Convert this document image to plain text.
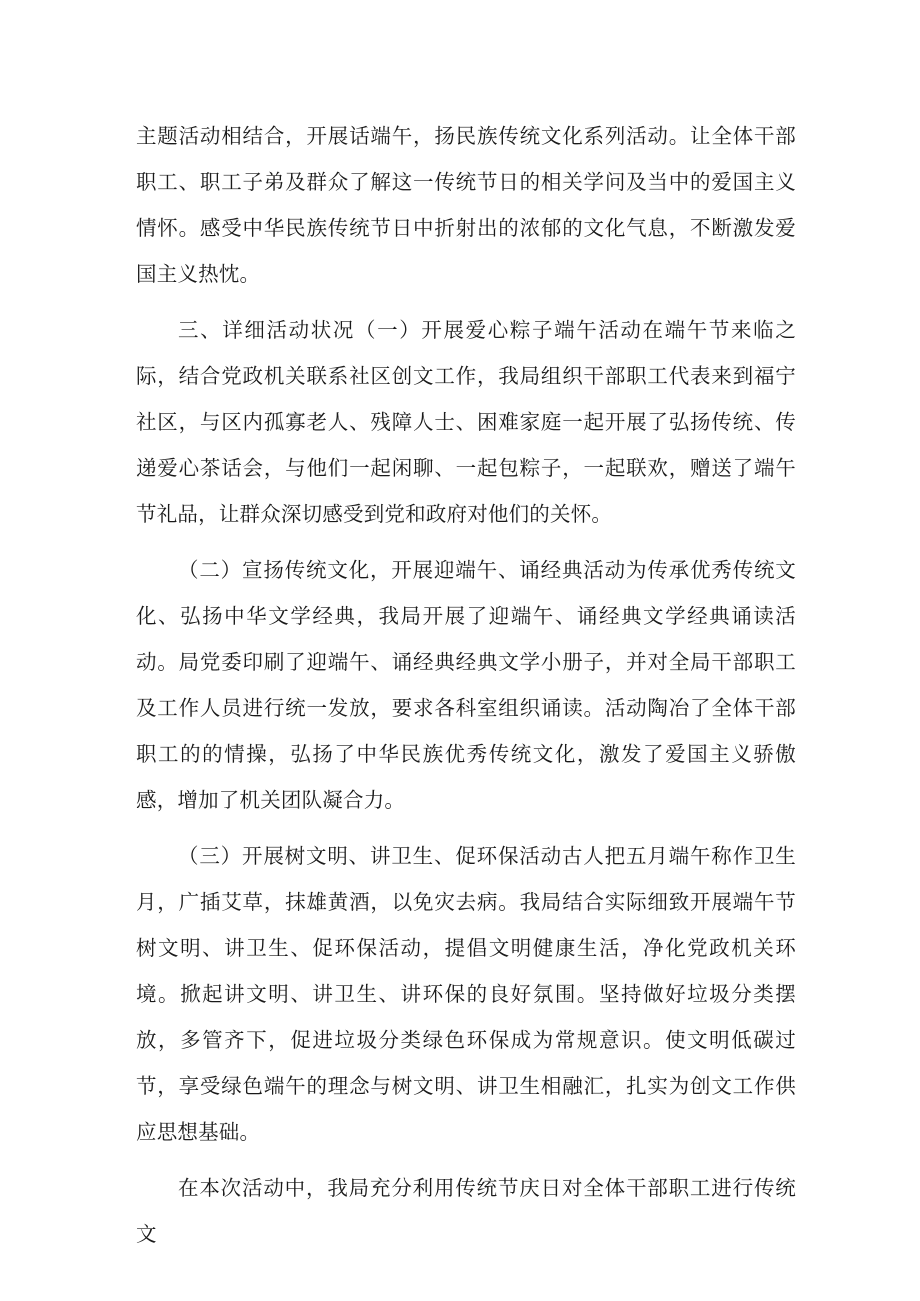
主题活动相结合，开展话端午，扬民族传统文化系列活动。让全体干部职工、职工子弟及群众了解这一传统节日的相关学问及当中的爱国主义情怀。感受中华民族传统节日中折射出的浓郁的文化气息，不断激发爱国主义热忱。

三、详细活动状况（一）开展爱心粽子端午活动在端午节来临之际，结合党政机关联系社区创文工作，我局组织干部职工代表来到福宁社区，与区内孤寡老人、残障人士、困难家庭一起开展了弘扬传统、传递爱心茶话会，与他们一起闲聊、一起包粽子，一起联欢，赠送了端午节礼品，让群众深切感受到党和政府对他们的关怀。

（二）宣扬传统文化，开展迎端午、诵经典活动为传承优秀传统文化、弘扬中华文学经典，我局开展了迎端午、诵经典文学经典诵读活动。局党委印刷了迎端午、诵经典经典文学小册子，并对全局干部职工及工作人员进行统一发放，要求各科室组织诵读。活动陶冶了全体干部职工的的情操，弘扬了中华民族优秀传统文化，激发了爱国主义骄傲感，增加了机关团队凝合力。

（三）开展树文明、讲卫生、促环保活动古人把五月端午称作卫生月，广插艾草，抹雄黄酒，以免灾去病。我局结合实际细致开展端午节树文明、讲卫生、促环保活动，提倡文明健康生活，净化党政机关环境。掀起讲文明、讲卫生、讲环保的良好氛围。坚持做好垃圾分类摆放，多管齐下，促进垃圾分类绿色环保成为常规意识。使文明低碳过节，享受绿色端午的理念与树文明、讲卫生相融汇，扎实为创文工作供应思想基础。

在本次活动中，我局充分利用传统节庆日对全体干部职工进行传统文
